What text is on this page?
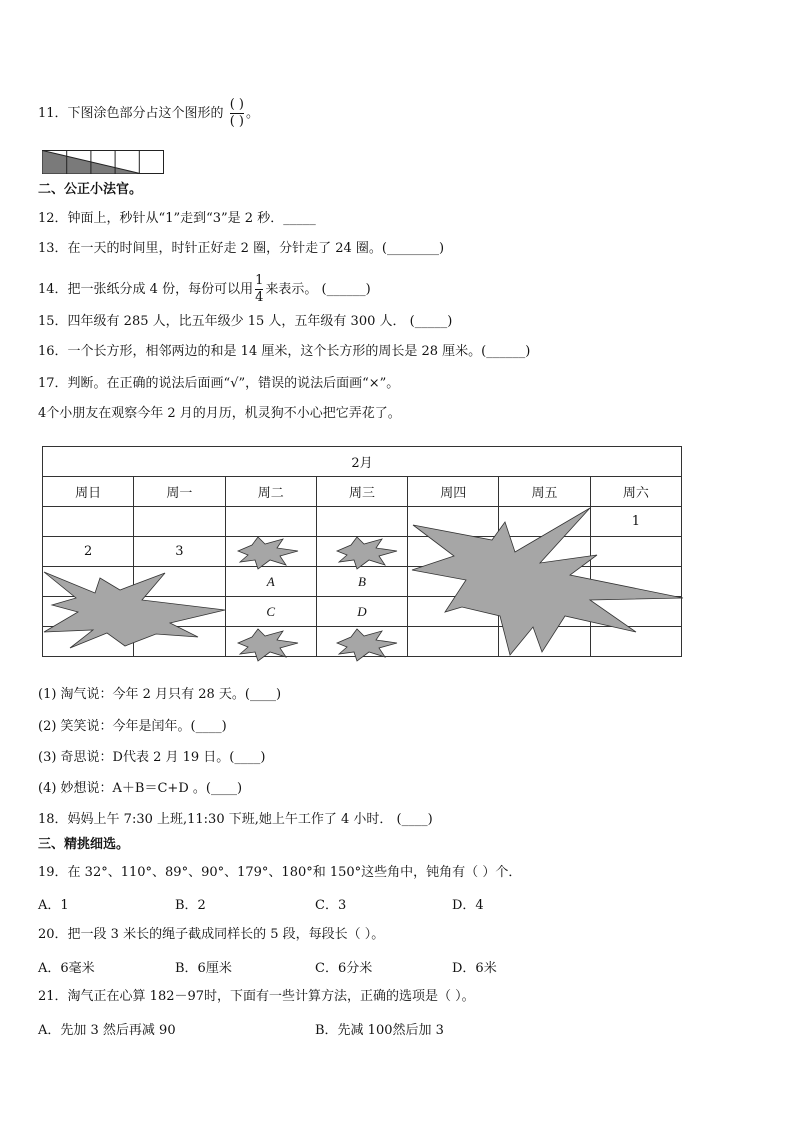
11．下图涂色部分占这个图形的 $\frac{( )}{( )}$ 。
二、公正小法官。
12．钟面上，秒针从“1”走到“3”是 2 秒．_____
13．在一天的时间里，时针正好走 2 圈，分针走了 24 圈。(________)
14．把一张纸分成 4 份，每份可以用 $\frac{1}{4}$ 来表示。 (______)
15．四年级有 285 人，比五年级少 15 人，五年级有 300 人． (_____)
16．一个长方形，相邻两边的和是 14 厘米，这个长方形的周长是 28 厘米。(______)
17．判断。在正确的说法后面画“√”，错误的说法后面画“×”。
4个小朋友在观察今年 2 月的月历，机灵狗不小心把它弄花了。
2月						
周日	周一	周二	周三	周四	周五	周六
						1
2	3					
		A	B			
		C	D			

(1) 淘气说：今年 2 月只有 28 天。(____)
(2) 笑笑说：今年是闰年。(____)
(3) 奇思说：D代表 2 月 19 日。(____)
(4) 妙想说：A＋B＝C+D 。(____)
18．妈妈上午 7:30 上班,11:30 下班,她上午工作了 4 小时． (____)
三、精挑细选。
19．在 32°、110°、89°、90°、179°、180°和 150°这些角中，钝角有（ ）个．
A．1	B．2	C．3	D．4
20．把一段 3 米长的绳子截成同样长的 5 段，每段长（ ）。
A．6毫米	B．6厘米	C．6分米	D．6米
21．淘气正在心算 182－97时，下面有一些计算方法，正确的选项是（ ）。
A．先加 3 然后再减 90	B．先减 100然后加 3
